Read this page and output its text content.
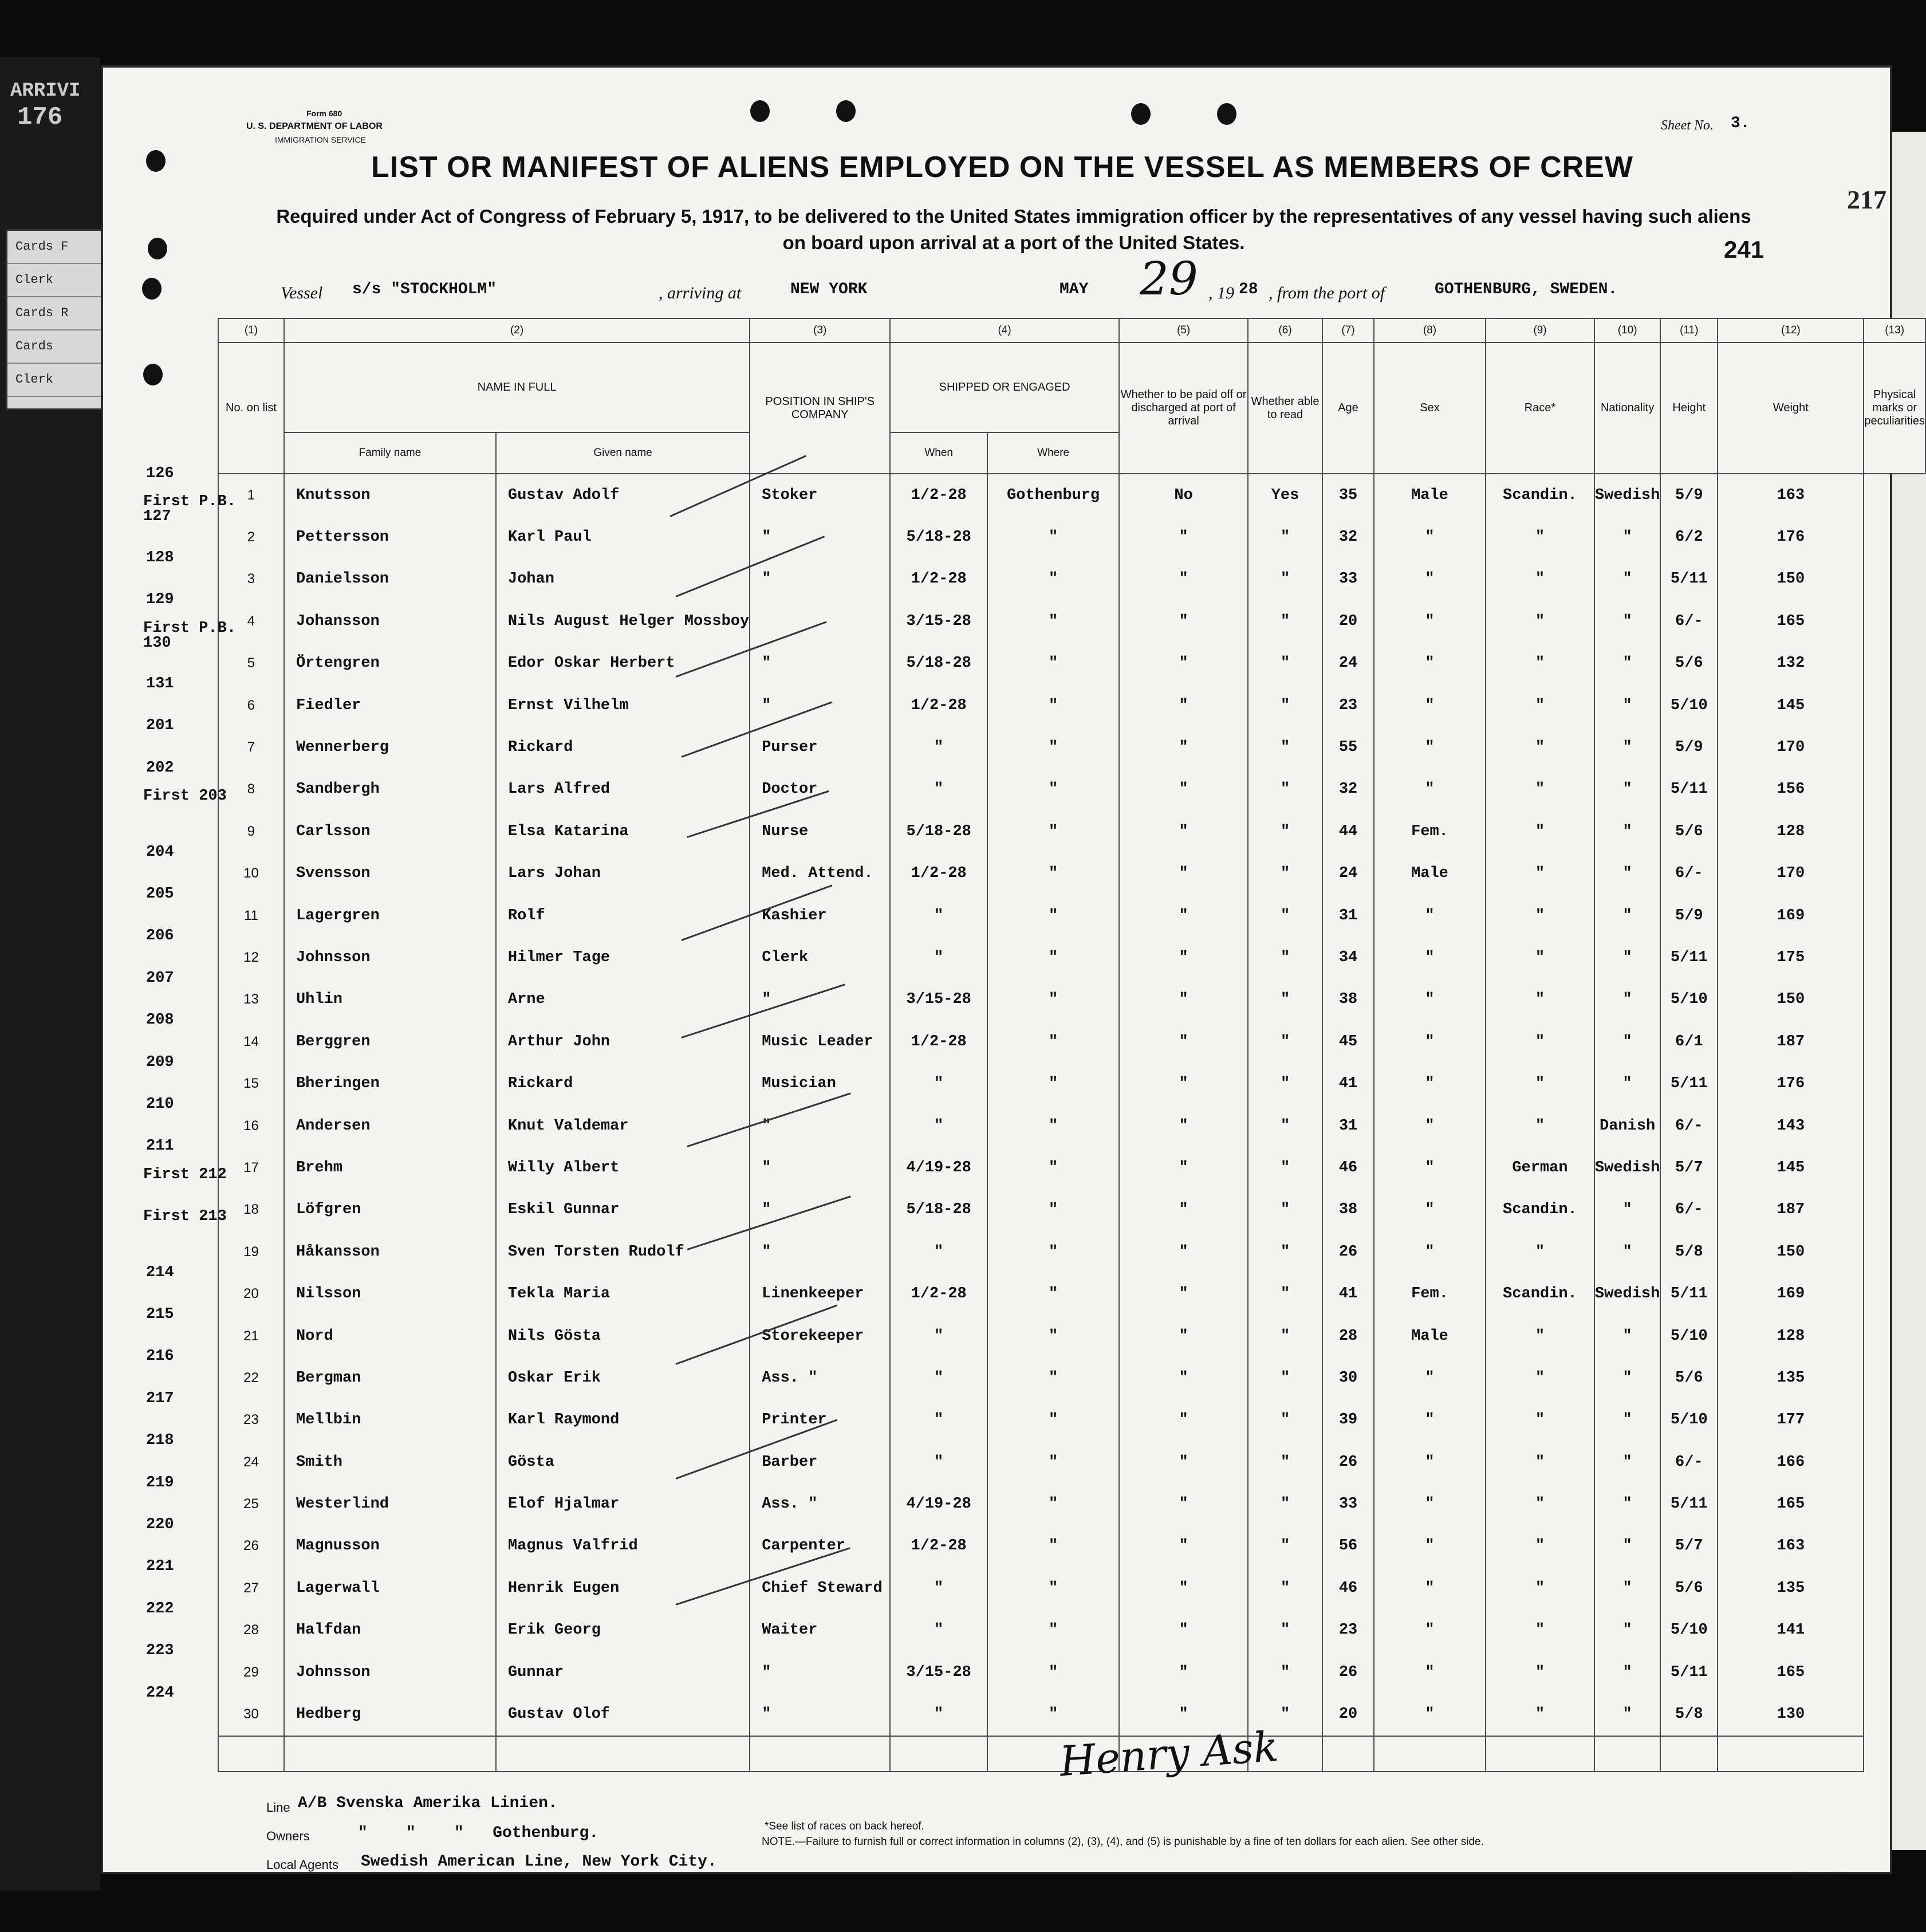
ARRIVI
176
Cards F
Clerk
Cards R
Cards
Clerk
217
Form 680
U. S. DEPARTMENT OF LABOR
IMMIGRATION SERVICE
Sheet No. 3.
LIST OR MANIFEST OF ALIENS EMPLOYED ON THE VESSEL AS MEMBERS OF CREW
Required under Act of Congress of February 5, 1917, to be delivered to the United States immigration officer by the representatives of any vessel having such aliens
on board upon arrival at a port of the United States.	241
Vessel s/s "STOCKHOLM"	, arriving at	NEW YORK	MAY 29 , 19 28 , from the port of	GOTHENBURG, SWEDEN.
(1)	(2)		(3)	(4)		(5)	(6)	(7)	(8)	(9)	(10)	(11)	(12)	(13)
No. on list	NAME IN FULL		POSITION IN SHIP'S COMPANY	SHIPPED OR ENGAGED		Whether to be paid off or discharged at port of arrival	Whether able to read	Age	Sex	Race*	Nationality	Height	Weight	Physical marks or peculiarities
	Family name	Given name		When	Where									
1	Knutsson	Gustav Adolf	Stoker	1/2-28	Gothenburg	No	Yes	35	Male	Scandin.	Swedish	5/9	163	
2	Pettersson	Karl Paul	"	5/18-28	"	"	"	32	"	"	"	6/2	176	
3	Danielsson	Johan	"	1/2-28	"	"	"	33	"	"	"	5/11	150	
4	Johansson	Nils August Helger Mossboy		3/15-28	"	"	"	20	"	"	"	6/-	165	
5	Örtengren	Edor Oskar Herbert	"	5/18-28	"	"	"	24	"	"	"	5/6	132	
6	Fiedler	Ernst Vilhelm	"	1/2-28	"	"	"	23	"	"	"	5/10	145	
7	Wennerberg	Rickard	Purser	"	"	"	"	55	"	"	"	5/9	170	
8	Sandbergh	Lars Alfred	Doctor	"	"	"	"	32	"	"	"	5/11	156	
9	Carlsson	Elsa Katarina	Nurse	5/18-28	"	"	"	44	Fem.	"	"	5/6	128	
10	Svensson	Lars Johan	Med. Attend.	1/2-28	"	"	"	24	Male	"	"	6/-	170	
11	Lagergren	Rolf	Kashier	"	"	"	"	31	"	"	"	5/9	169	
12	Johnsson	Hilmer Tage	Clerk	"	"	"	"	34	"	"	"	5/11	175	
13	Uhlin	Arne	"	3/15-28	"	"	"	38	"	"	"	5/10	150	
14	Berggren	Arthur John	Music Leader	1/2-28	"	"	"	45	"	"	"	6/1	187	
15	Bheringen	Rickard	Musician	"	"	"	"	41	"	"	"	5/11	176	
16	Andersen	Knut Valdemar	"	"	"	"	"	31	"	"	Danish	6/-	143	
17	Brehm	Willy Albert	"	4/19-28	"	"	"	46	"	German	Swedish	5/7	145	
18	Löfgren	Eskil Gunnar	"	5/18-28	"	"	"	38	"	Scandin.	"	6/-	187	
19	Håkansson	Sven Torsten Rudolf	"	"	"	"	"	26	"	"	"	5/8	150	
20	Nilsson	Tekla Maria	Linenkeeper	1/2-28	"	"	"	41	Fem.	Scandin.	Swedish	5/11	169	
21	Nord	Nils Gösta	Storekeeper	"	"	"	"	28	Male	"	"	5/10	128	
22	Bergman	Oskar Erik	Ass. "	"	"	"	"	30	"	"	"	5/6	135	
23	Mellbin	Karl Raymond	Printer	"	"	"	"	39	"	"	"	5/10	177	
24	Smith	Gösta	Barber	"	"	"	"	26	"	"	"	6/-	166	
25	Westerlind	Elof Hjalmar	Ass. "	4/19-28	"	"	"	33	"	"	"	5/11	165	
26	Magnusson	Magnus Valfrid	Carpenter	1/2-28	"	"	"	56	"	"	"	5/7	163	
27	Lagerwall	Henrik Eugen	Chief Steward	"	"	"	"	46	"	"	"	5/6	135	
28	Halfdan	Erik Georg	Waiter	"	"	"	"	23	"	"	"	5/10	141	
29	Johnsson	Gunnar	"	3/15-28	"	"	"	26	"	"	"	5/11	165	
30	Hedberg	Gustav Olof	"	"	"	"	"	20	"	"	"	5/8	130	

126
First P.B. 127
128
129
First P.B. 130
131
201
202
First 203
204
205
206
207
208
209
210
211
First 212
First 213
214
215
216
217
218
219
220
221
222
223
224
Henry Ask
Line A/B Svenska Amerika Linien.
Owners	"    "    "   Gothenburg.
Local Agents Swedish American Line, New York City.
*See list of races on back hereof.
NOTE.—Failure to furnish full or correct information in columns (2), (3), (4), and (5) is punishable by a fine of ten dollars for each alien. See other side.
5,000 ex. 4/3 27.
